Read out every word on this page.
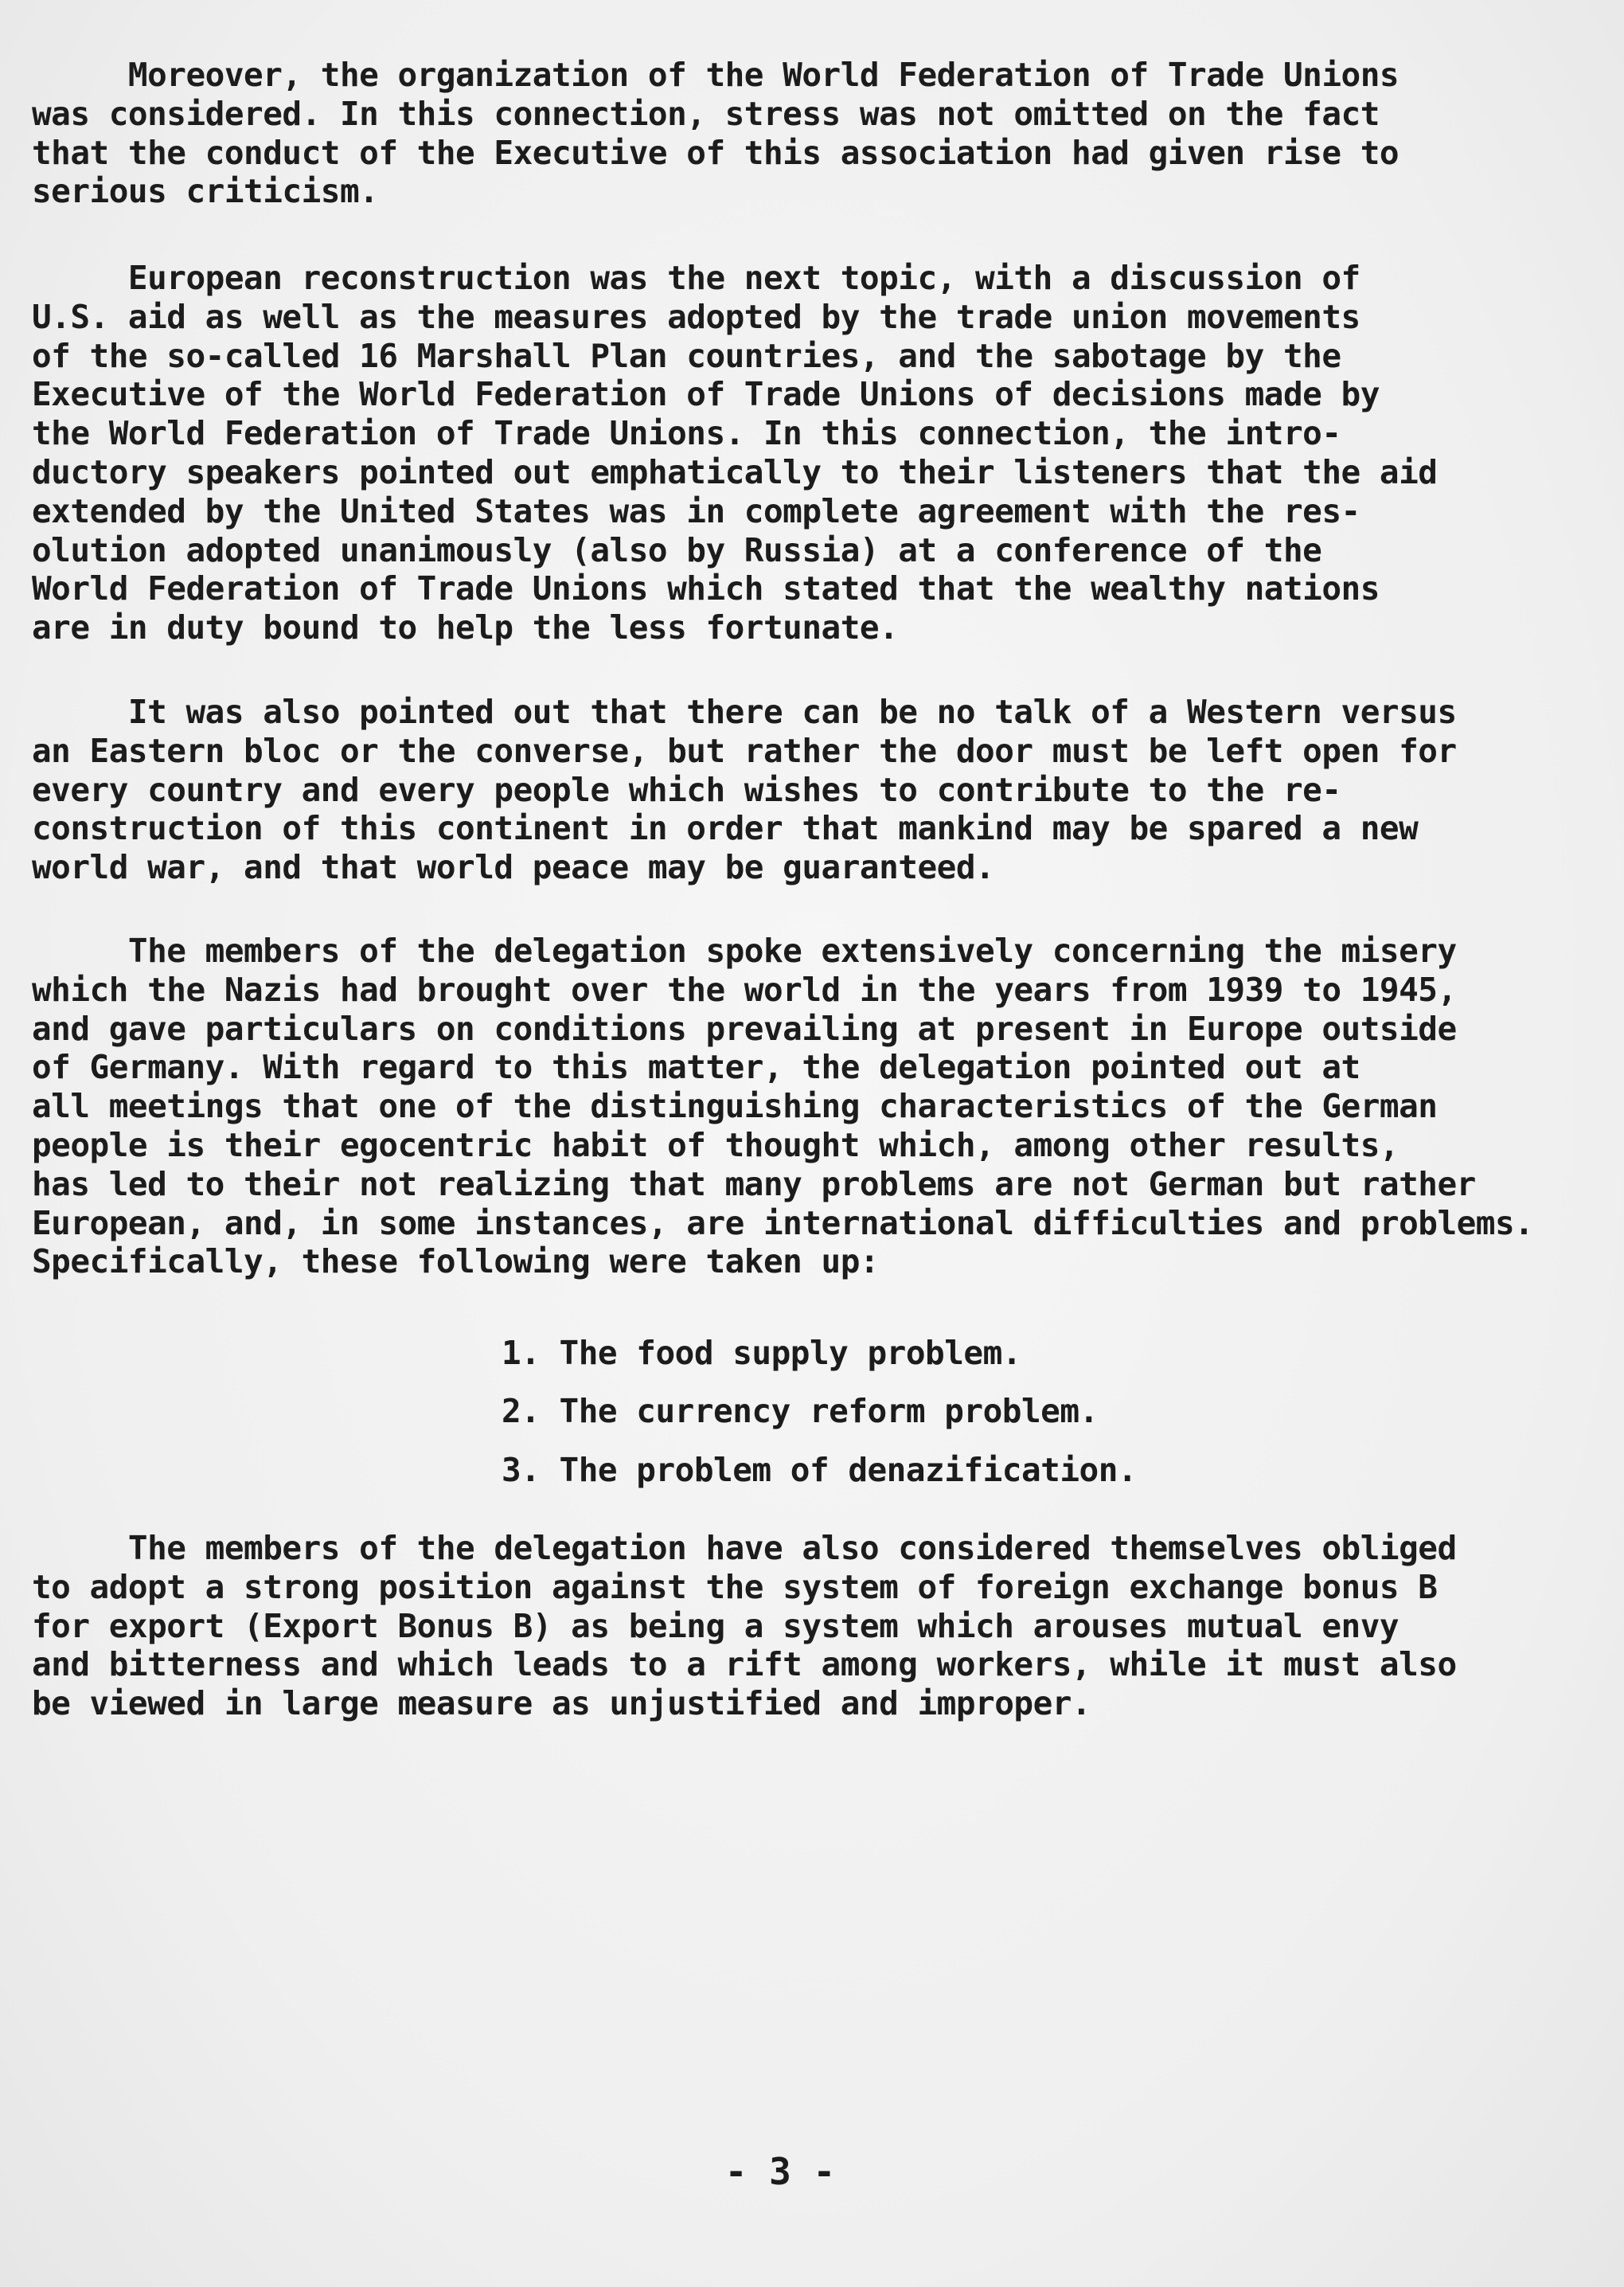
Moreover, the organization of the World Federation of Trade Unions
was considered. In this connection, stress was not omitted on the fact
that the conduct of the Executive of this association had given rise to
serious criticism.
European reconstruction was the next topic, with a discussion of
U.S. aid as well as the measures adopted by the trade union movements
of the so-called 16 Marshall Plan countries, and the sabotage by the
Executive of the World Federation of Trade Unions of decisions made by
the World Federation of Trade Unions. In this connection, the intro-
ductory speakers pointed out emphatically to their listeners that the aid
extended by the United States was in complete agreement with the res-
olution adopted unanimously (also by Russia) at a conference of the
World Federation of Trade Unions which stated that the wealthy nations
are in duty bound to help the less fortunate.
It was also pointed out that there can be no talk of a Western versus
an Eastern bloc or the converse, but rather the door must be left open for
every country and every people which wishes to contribute to the re-
construction of this continent in order that mankind may be spared a new
world war, and that world peace may be guaranteed.
The members of the delegation spoke extensively concerning the misery
which the Nazis had brought over the world in the years from 1939 to 1945,
and gave particulars on conditions prevailing at present in Europe outside
of Germany. With regard to this matter, the delegation pointed out at
all meetings that one of the distinguishing characteristics of the German
people is their egocentric habit of thought which, among other results,
has led to their not realizing that many problems are not German but rather
European, and, in some instances, are international difficulties and problems.
Specifically, these following were taken up:
1. The food supply problem.
2. The currency reform problem.
3. The problem of denazification.
The members of the delegation have also considered themselves obliged
to adopt a strong position against the system of foreign exchange bonus B
for export (Export Bonus B) as being a system which arouses mutual envy
and bitterness and which leads to a rift among workers, while it must also
be viewed in large measure as unjustified and improper.
- 3 -
